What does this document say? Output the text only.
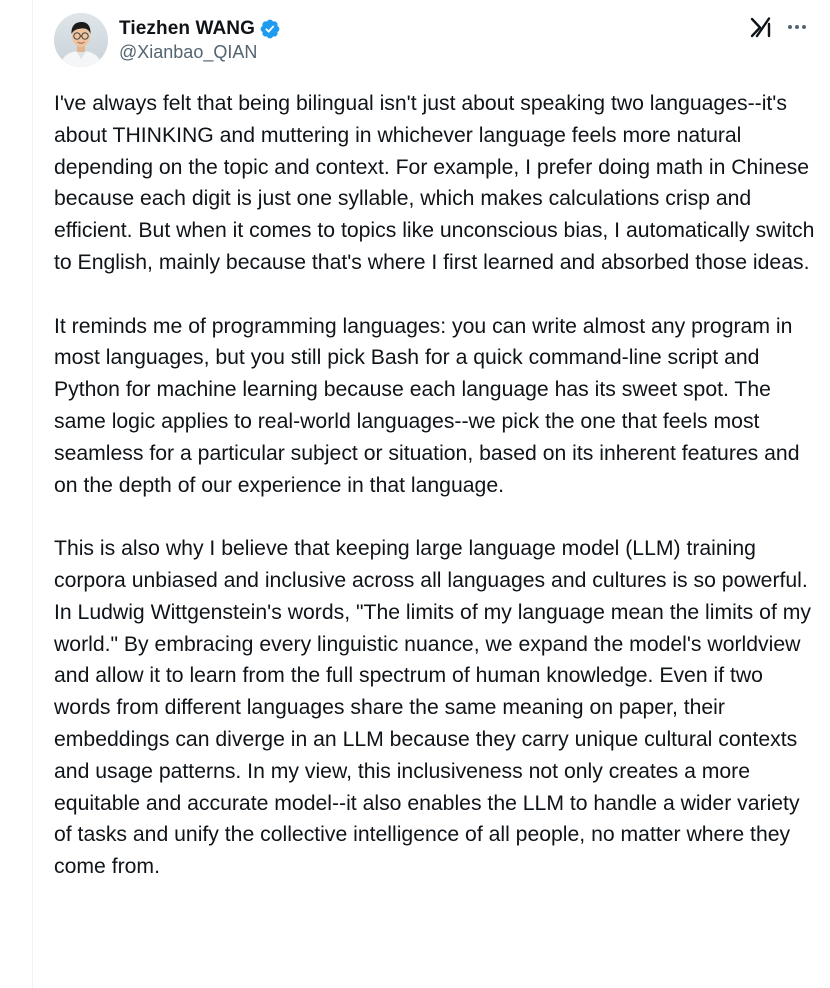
Tiezhen WANG
@Xianbao_QIAN

I've always felt that being bilingual isn't just about speaking two languages--it's about THINKING and muttering in whichever language feels more natural depending on the topic and context. For example, I prefer doing math in Chinese because each digit is just one syllable, which makes calculations crisp and efficient. But when it comes to topics like unconscious bias, I automatically switch to English, mainly because that's where I first learned and absorbed those ideas.

It reminds me of programming languages: you can write almost any program in most languages, but you still pick Bash for a quick command-line script and Python for machine learning because each language has its sweet spot. The same logic applies to real-world languages--we pick the one that feels most seamless for a particular subject or situation, based on its inherent features and on the depth of our experience in that language.

This is also why I believe that keeping large language model (LLM) training corpora unbiased and inclusive across all languages and cultures is so powerful. In Ludwig Wittgenstein's words, "The limits of my language mean the limits of my world." By embracing every linguistic nuance, we expand the model's worldview and allow it to learn from the full spectrum of human knowledge. Even if two words from different languages share the same meaning on paper, their embeddings can diverge in an LLM because they carry unique cultural contexts and usage patterns. In my view, this inclusiveness not only creates a more equitable and accurate model--it also enables the LLM to handle a wider variety of tasks and unify the collective intelligence of all people, no matter where they come from.
